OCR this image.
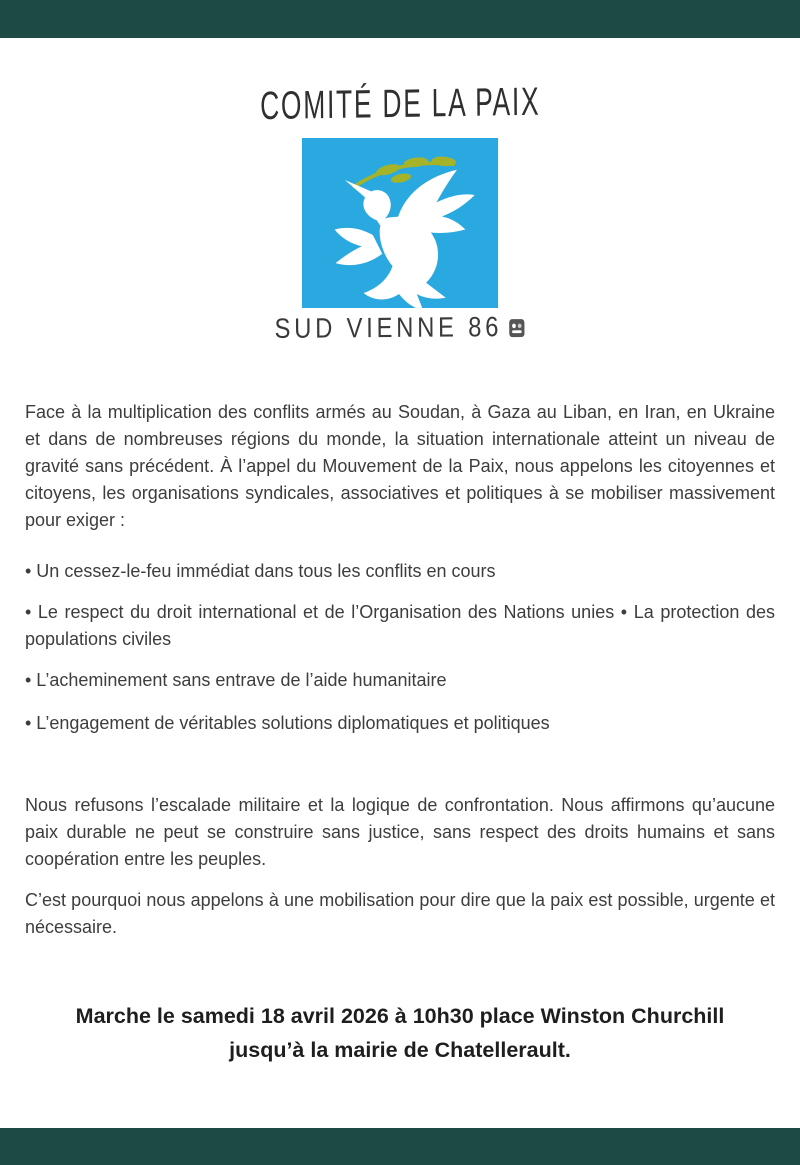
COMITÉ DE LA PAIX
SUD VIENNE 86

Face à la multiplication des conflits armés au Soudan, à Gaza au Liban, en Iran, en Ukraine et dans de nombreuses régions du monde, la situation internationale atteint un niveau de gravité sans précédent. À l’appel du Mouvement de la Paix, nous appelons les citoyennes et citoyens, les organisations syndicales, associatives et politiques à se mobiliser massivement pour exiger :

• Un cessez-le-feu immédiat dans tous les conflits en cours

• Le respect du droit international et de l’Organisation des Nations unies • La protection des populations civiles

• L’acheminement sans entrave de l’aide humanitaire

• L’engagement de véritables solutions diplomatiques et politiques

Nous refusons l’escalade militaire et la logique de confrontation. Nous affirmons qu’aucune paix durable ne peut se construire sans justice, sans respect des droits humains et sans coopération entre les peuples.

C’est pourquoi nous appelons à une mobilisation pour dire que la paix est possible, urgente et nécessaire.

Marche le samedi 18 avril 2026 à 10h30 place Winston Churchill jusqu’à la mairie de Chatellerault.
